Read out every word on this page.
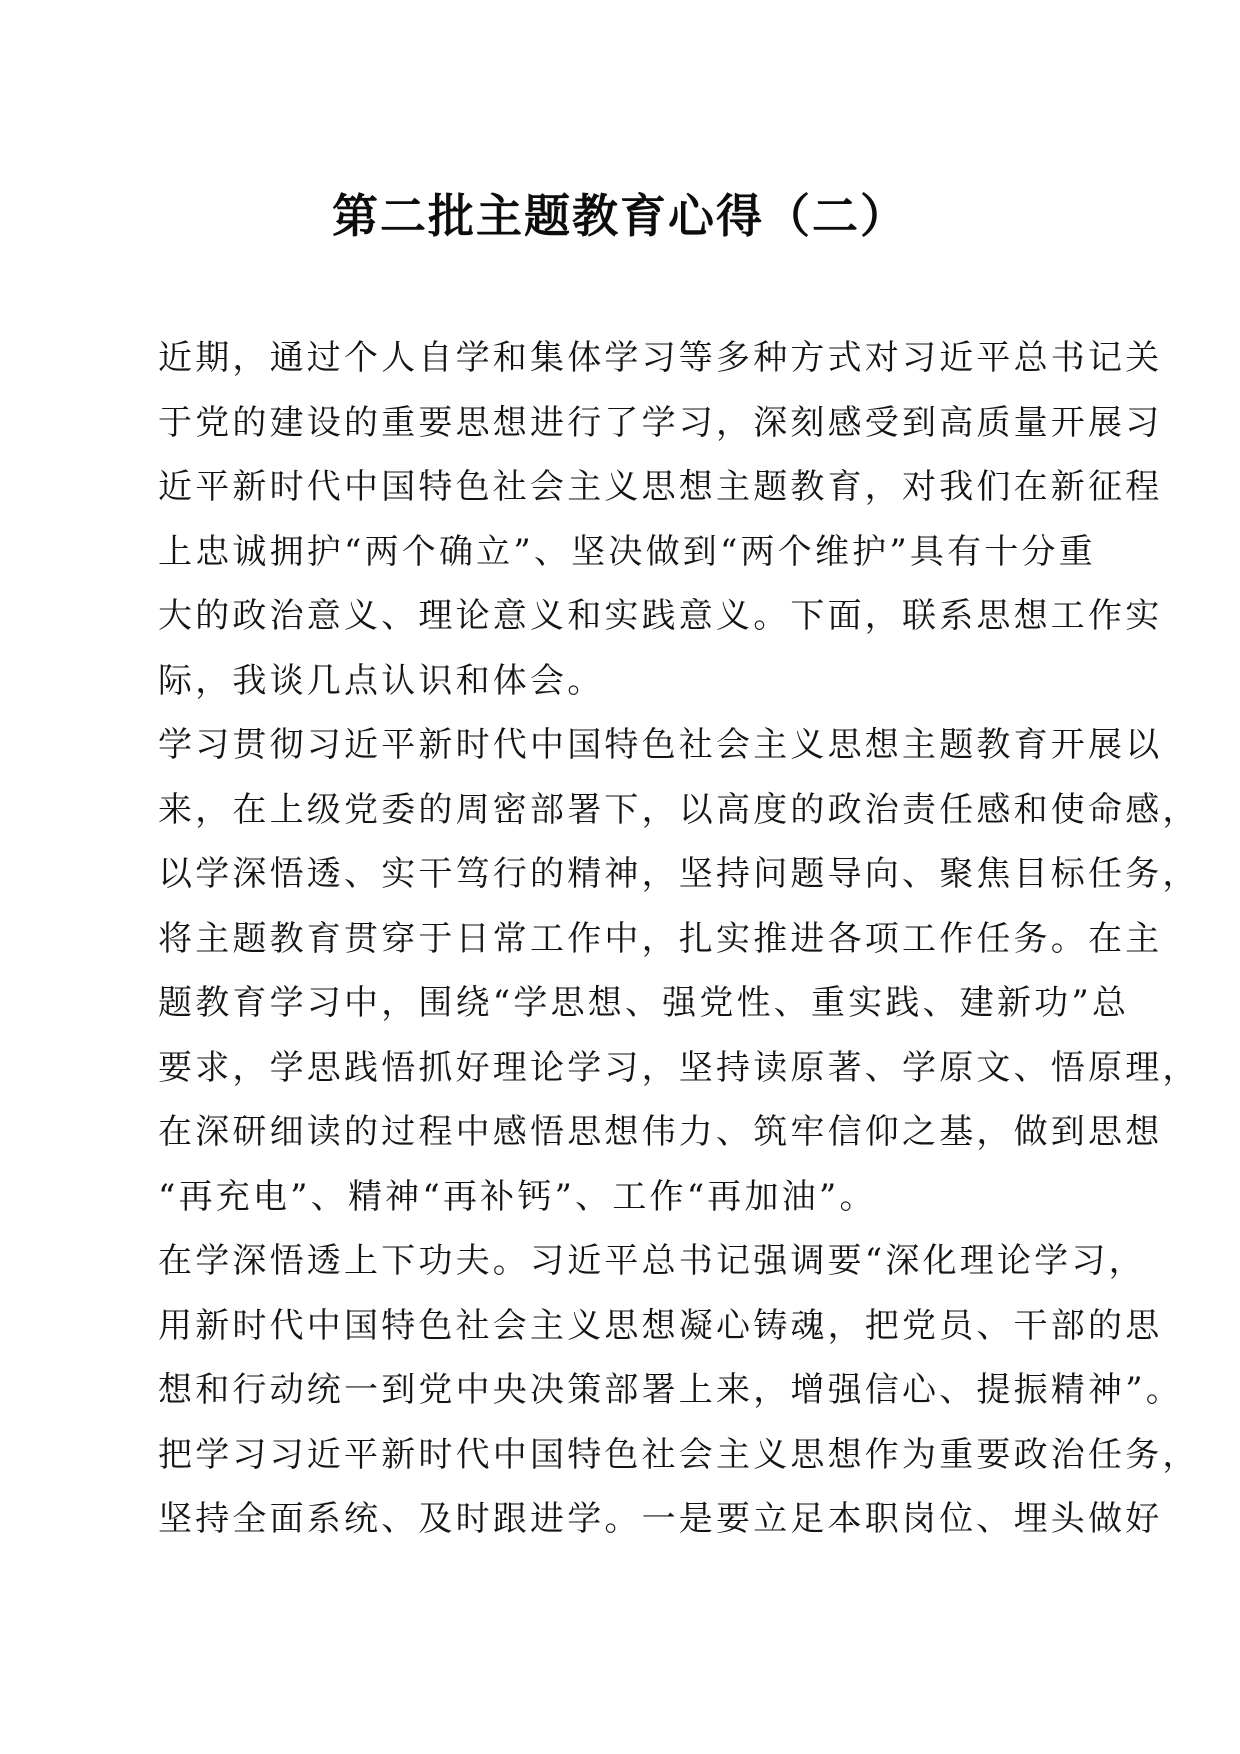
第二批主题教育心得（二）
近期，通过个人自学和集体学习等多种方式对习近平总书记关
于党的建设的重要思想进行了学习，深刻感受到高质量开展习
近平新时代中国特色社会主义思想主题教育，对我们在新征程
上忠诚拥护“两个确立”、坚决做到“两个维护”具有十分重
大的政治意义、理论意义和实践意义。下面，联系思想工作实
际，我谈几点认识和体会。
学习贯彻习近平新时代中国特色社会主义思想主题教育开展以
来，在上级党委的周密部署下，以高度的政治责任感和使命感，
以学深悟透、实干笃行的精神，坚持问题导向、聚焦目标任务，
将主题教育贯穿于日常工作中，扎实推进各项工作任务。在主
题教育学习中，围绕“学思想、强党性、重实践、建新功”总
要求，学思践悟抓好理论学习，坚持读原著、学原文、悟原理，
在深研细读的过程中感悟思想伟力、筑牢信仰之基，做到思想
“再充电”、精神“再补钙”、工作“再加油”。
在学深悟透上下功夫。习近平总书记强调要“深化理论学习，
用新时代中国特色社会主义思想凝心铸魂，把党员、干部的思
想和行动统一到党中央决策部署上来，增强信心、提振精神”。
把学习习近平新时代中国特色社会主义思想作为重要政治任务，
坚持全面系统、及时跟进学。一是要立足本职岗位、埋头做好
